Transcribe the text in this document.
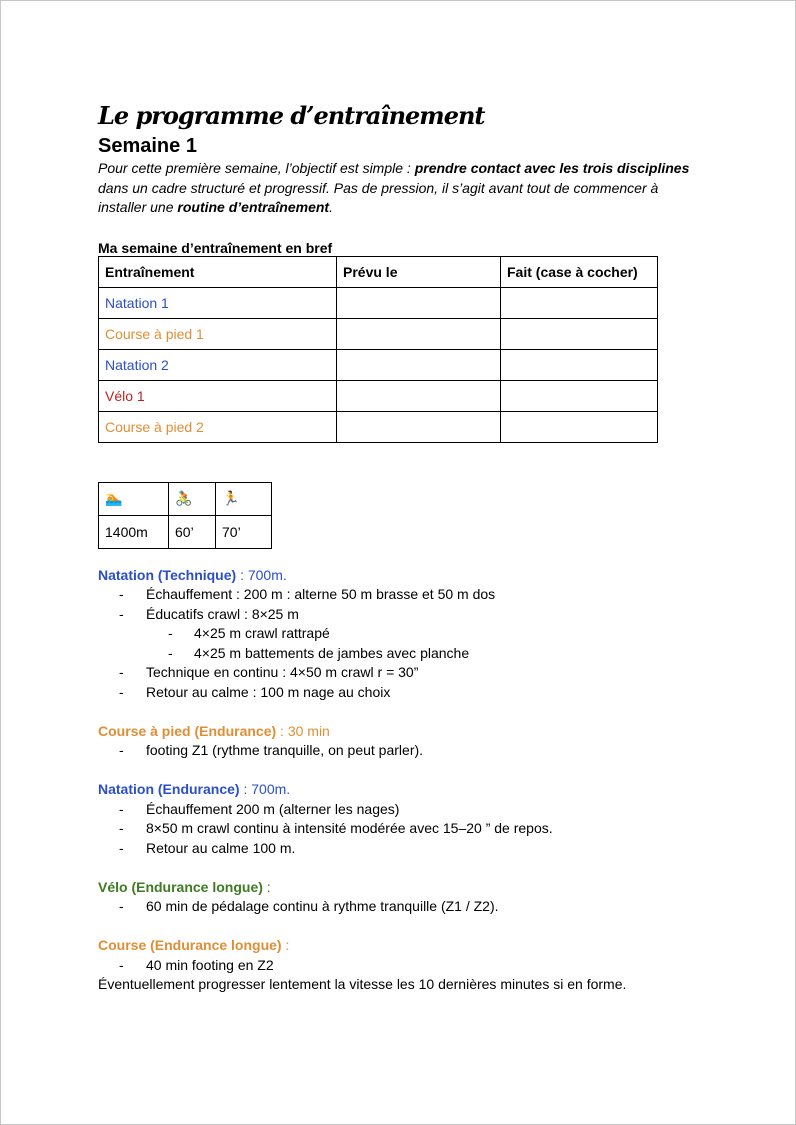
Le programme d’entraînement
Semaine 1

Pour cette première semaine, l’objectif est simple : prendre contact avec les trois disciplines dans un cadre structuré et progressif. Pas de pression, il s’agit avant tout de commencer à installer une routine d’entraînement.

Ma semaine d’entraînement en bref
Entraînement	Prévu le	Fait (case à cocher)
Natation 1		
Course à pied 1		
Natation 2		
Vélo 1		
Course à pied 2		
🏊	🚴	🏃
1400m	60’	70’
Natation (Technique) : 700m.
- Échauffement : 200 m : alterne 50 m brasse et 50 m dos
- Éducatifs crawl : 8×25 m
- 4×25 m crawl rattrapé
- 4×25 m battements de jambes avec planche
- Technique en continu : 4×50 m crawl r = 30”
- Retour au calme : 100 m nage au choix
Course à pied (Endurance) : 30 min
- footing Z1 (rythme tranquille, on peut parler).
Natation (Endurance) : 700m.
- Échauffement 200 m (alterner les nages)
- 8×50 m crawl continu à intensité modérée avec 15–20 ” de repos.
- Retour au calme 100 m.
Vélo (Endurance longue) :
- 60 min de pédalage continu à rythme tranquille (Z1 / Z2).
Course (Endurance longue) :
- 40 min footing en Z2
Éventuellement progresser lentement la vitesse les 10 dernières minutes si en forme.
